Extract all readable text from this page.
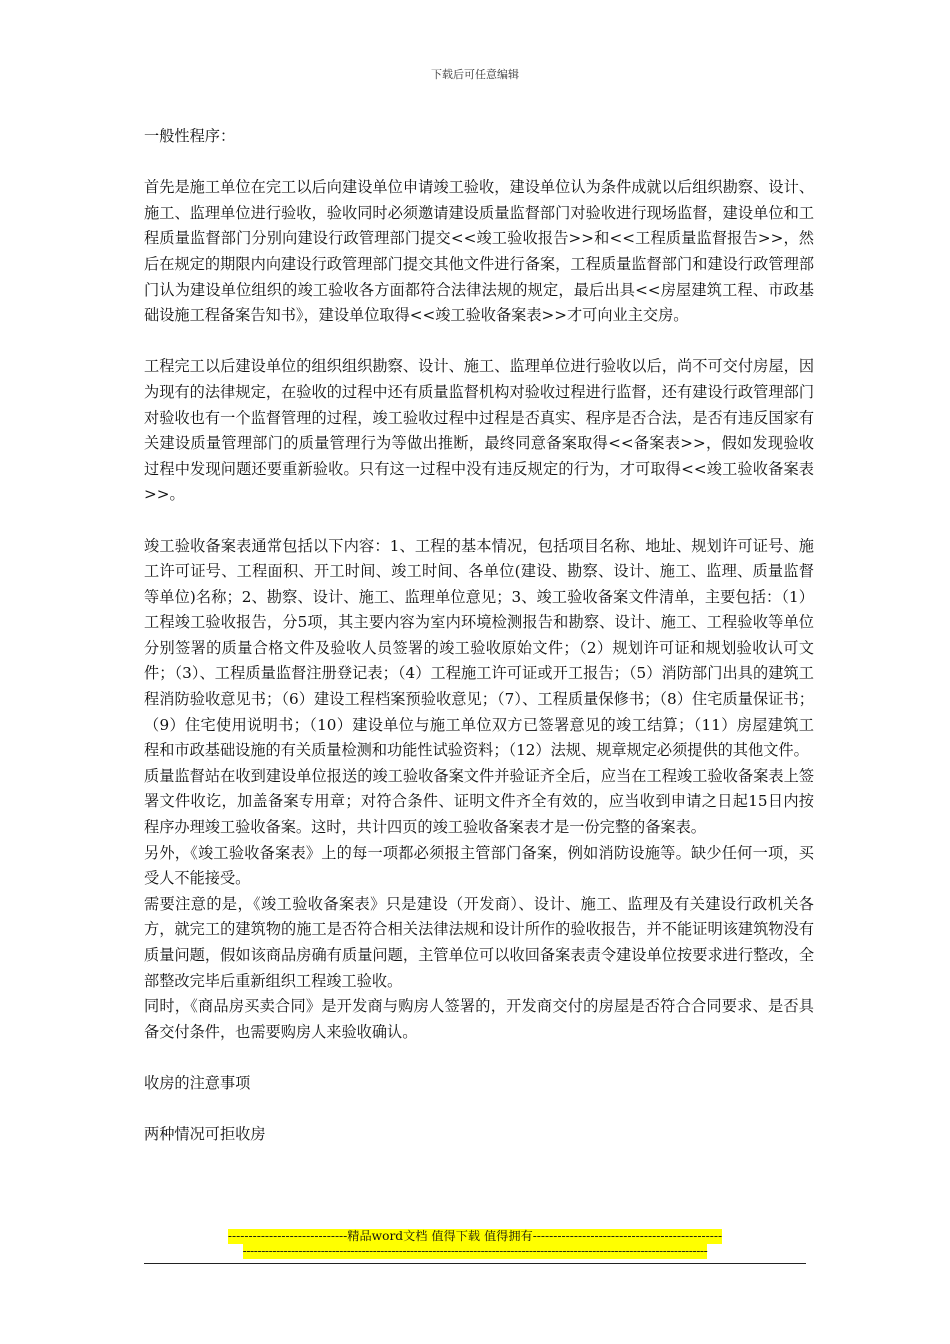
下载后可任意编辑

一般性程序：

首先是施工单位在完工以后向建设单位申请竣工验收，建设单位认为条件成就以后组织勘察、设计、施工、监理单位进行验收，验收同时必须邀请建设质量监督部门对验收进行现场监督，建设单位和工程质量监督部门分别向建设行政管理部门提交<<竣工验收报告>>和<<工程质量监督报告>>，然后在规定的期限内向建设行政管理部门提交其他文件进行备案，工程质量监督部门和建设行政管理部门认为建设单位组织的竣工验收各方面都符合法律法规的规定，最后出具<<房屋建筑工程、市政基础设施工程备案告知书》，建设单位取得<<竣工验收备案表>>才可向业主交房。

工程完工以后建设单位的组织组织勘察、设计、施工、监理单位进行验收以后，尚不可交付房屋，因为现有的法律规定，在验收的过程中还有质量监督机构对验收过程进行监督，还有建设行政管理部门对验收也有一个监督管理的过程，竣工验收过程中过程是否真实、程序是否合法，是否有违反国家有关建设质量管理部门的质量管理行为等做出推断，最终同意备案取得<<备案表>>，假如发现验收过程中发现问题还要重新验收。只有这一过程中没有违反规定的行为，才可取得<<竣工验收备案表>>。

竣工验收备案表通常包括以下内容：1、工程的基本情况，包括项目名称、地址、规划许可证号、施工许可证号、工程面积、开工时间、竣工时间、各单位(建设、勘察、设计、施工、监理、质量监督等单位)名称；2、勘察、设计、施工、监理单位意见；3、竣工验收备案文件清单，主要包括：（1）工程竣工验收报告，分5项，其主要内容为室内环境检测报告和勘察、设计、施工、工程验收等单位分别签署的质量合格文件及验收人员签署的竣工验收原始文件；（2）规划许可证和规划验收认可文件；（3）、工程质量监督注册登记表；（4）工程施工许可证或开工报告；（5）消防部门出具的建筑工程消防验收意见书；（6）建设工程档案预验收意见；（7）、工程质量保修书；（8）住宅质量保证书；（9）住宅使用说明书；（10）建设单位与施工单位双方已签署意见的竣工结算；（11）房屋建筑工程和市政基础设施的有关质量检测和功能性试验资料；（12）法规、规章规定必须提供的其他文件。

质量监督站在收到建设单位报送的竣工验收备案文件并验证齐全后，应当在工程竣工验收备案表上签署文件收讫，加盖备案专用章；对符合条件、证明文件齐全有效的，应当收到申请之日起15日内按程序办理竣工验收备案。这时，共计四页的竣工验收备案表才是一份完整的备案表。

另外，《竣工验收备案表》上的每一项都必须报主管部门备案，例如消防设施等。缺少任何一项，买受人不能接受。

需要注意的是，《竣工验收备案表》只是建设（开发商）、设计、施工、监理及有关建设行政机关各方，就完工的建筑物的施工是否符合相关法律法规和设计所作的验收报告，并不能证明该建筑物没有质量问题，假如该商品房确有质量问题，主管单位可以收回备案表责令建设单位按要求进行整改，全部整改完毕后重新组织工程竣工验收。

同时，《商品房买卖合同》是开发商与购房人签署的，开发商交付的房屋是否符合合同要求、是否具备交付条件，也需要购房人来验收确认。

收房的注意事项

两种情况可拒收房

-----------------------------精品word文档 值得下载 值得拥有----------------------------------------------
-----------------------------------------------------------------------------------------------------------------------------
